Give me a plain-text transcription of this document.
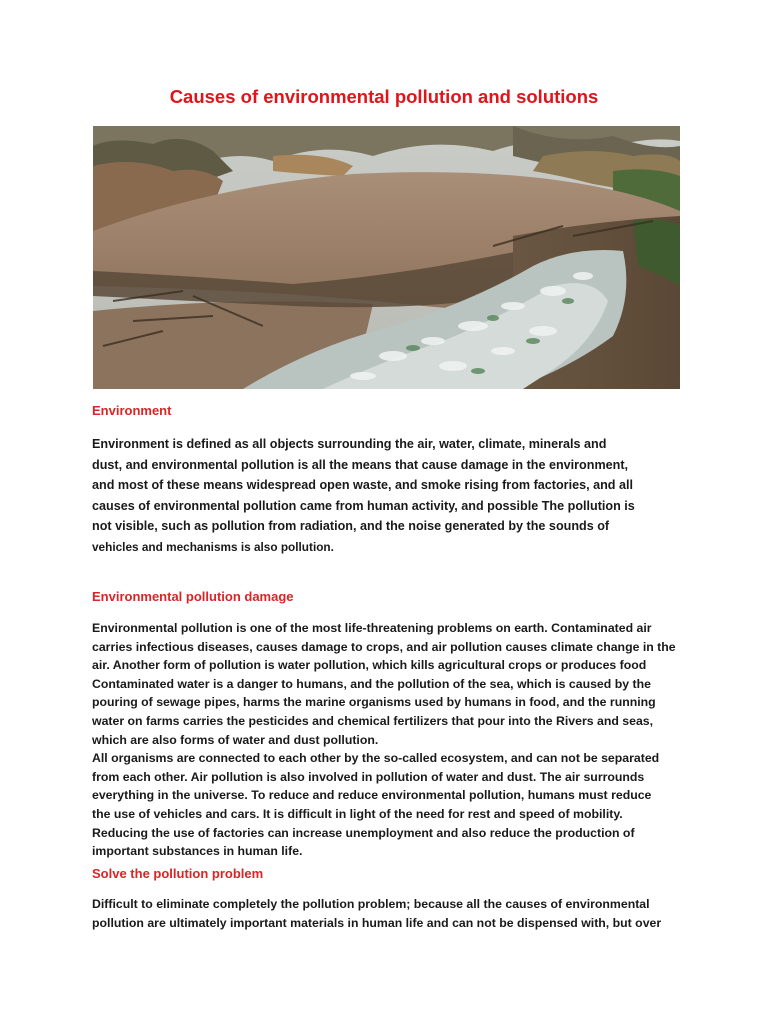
Causes of environmental pollution and solutions
Environment
Environment is defined as all objects surrounding the air, water, climate, minerals and
dust, and environmental pollution is all the means that cause damage in the environment,
and most of these means widespread open waste, and smoke rising from factories, and all
causes of environmental pollution came from human activity, and possible The pollution is
not visible, such as pollution from radiation, and the noise generated by the sounds of
vehicles and mechanisms is also pollution.
Environmental pollution damage
Environmental pollution is one of the most life-threatening problems on earth. Contaminated air
carries infectious diseases, causes damage to crops, and air pollution causes climate change in the
air. Another form of pollution is water pollution, which kills agricultural crops or produces food
Contaminated water is a danger to humans, and the pollution of the sea, which is caused by the
pouring of sewage pipes, harms the marine organisms used by humans in food, and the running
water on farms carries the pesticides and chemical fertilizers that pour into the Rivers and seas,
which are also forms of water and dust pollution.
All organisms are connected to each other by the so-called ecosystem, and can not be separated
from each other. Air pollution is also involved in pollution of water and dust. The air surrounds
everything in the universe. To reduce and reduce environmental pollution, humans must reduce
the use of vehicles and cars. It is difficult in light of the need for rest and speed of mobility.
Reducing the use of factories can increase unemployment and also reduce the production of
important substances in human life.
Solve the pollution problem
Difficult to eliminate completely the pollution problem; because all the causes of environmental
pollution are ultimately important materials in human life and can not be dispensed with, but over
